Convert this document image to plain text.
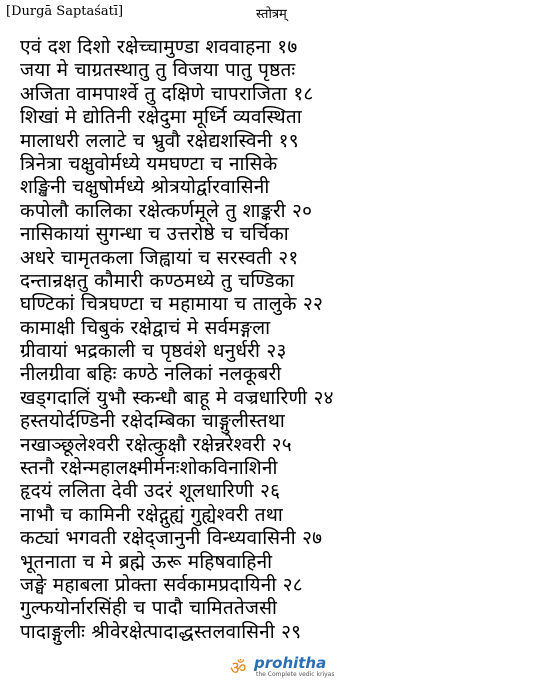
[Durgā Saptaśatī]	स्तोत्रम्
एवं दश दिशो रक्षेच्चामुण्डा शववाहना १७
जया मे चाग्रतस्थातु तु विजया पातु पृष्ठतः
अजिता वामपार्श्वे तु दक्षिणे चापराजिता १८
शिखां मे द्योतिनी रक्षेदुमा मूर्ध्नि व्यवस्थिता
मालाधरी ललाटे च भ्रुवौ रक्षेद्यशस्विनी १९
त्रिनेत्रा चक्षुवोर्मध्ये यमघण्टा च नासिके
शङ्खिनी चक्षुषोर्मध्ये श्रोत्रयोर्द्वारवासिनी
कपोलौ कालिका रक्षेत्कर्णमूले तु शाङ्करी २०
नासिकायां सुगन्धा च उत्तरोष्ठे च चर्चिका
अधरे चामृतकला जिह्वायां च सरस्वती २१
दन्तान्रक्षतु कौमारी कण्ठमध्ये तु चण्डिका
घण्टिकां चित्रघण्टा च महामाया च तालुके २२
कामाक्षी चिबुकं रक्षेद्वाचं मे सर्वमङ्गला
ग्रीवायां भद्रकाली च पृष्ठवंशे धनुर्धरी २३
नीलग्रीवा बहिः कण्ठे नलिकां नलकूबरी
खड्गदालिं युभौ स्कन्धौ बाहू मे वज्रधारिणी २४
हस्तयोर्दण्डिनी रक्षेदम्बिका चाङ्गुलीस्तथा
नखाञ्छूलेश्वरी रक्षेत्कुक्षौ रक्षेन्नरेश्वरी २५
स्तनौ रक्षेन्महालक्ष्मीर्मनःशोकविनाशिनी
हृदयं ललिता देवी उदरं शूलधारिणी २६
नाभौ च कामिनी रक्षेद्गुह्यं गुह्येश्वरी तथा
कट्यां भगवती रक्षेद्जानुनी विन्ध्यवासिनी २७
भूतनाता च मे ब्रह्मे ऊरू महिषवाहिनी
जङ्घे महाबला प्रोक्ता सर्वकामप्रदायिनी २८
गुल्फयोर्नारसिंही च पादौ चामिततेजसी
पादाङ्गुलीः श्रीवेरक्षेत्पादाद्धस्तलवासिनी २९
ॐ prohitha
the Complete vedic kriyas
